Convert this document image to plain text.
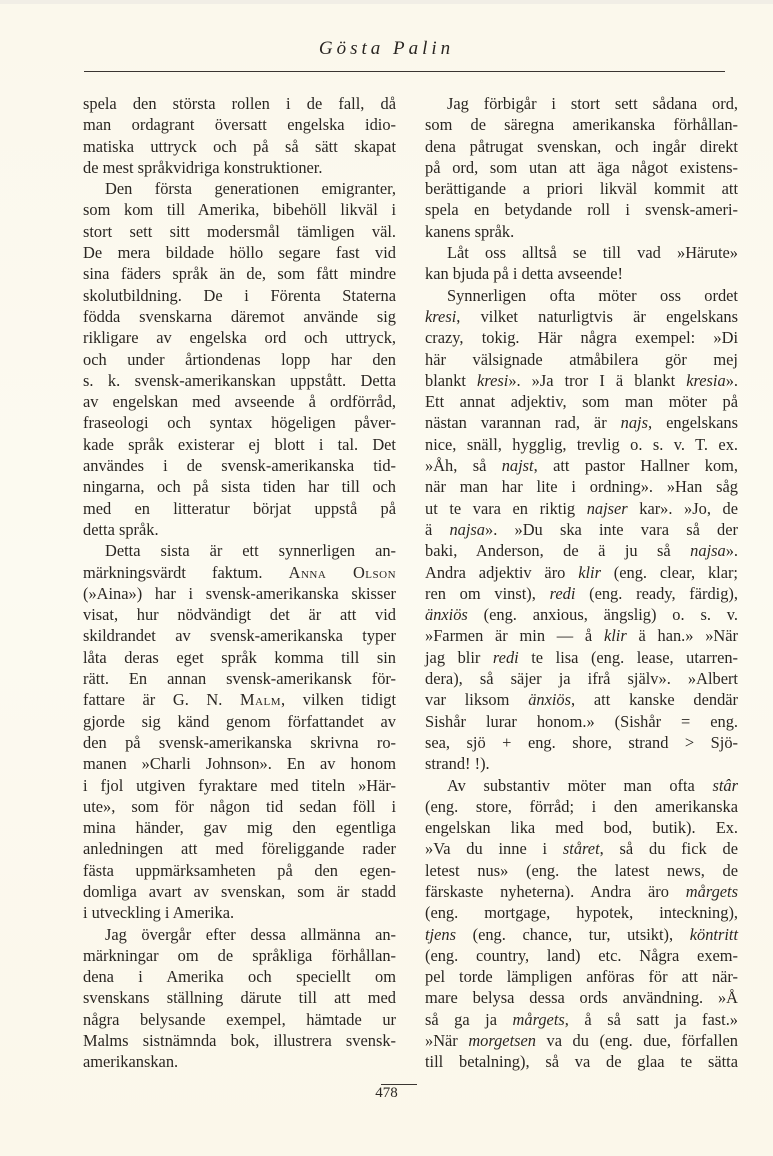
Gösta Palin
spela den största rollen i de fall, då
man ordagrant översatt engelska idio-
matiska uttryck och på så sätt skapat
de mest språkvidriga konstruktioner.
Den första generationen emigranter,
som kom till Amerika, bibehöll likväl i
stort sett sitt modersmål tämligen väl.
De mera bildade höllo segare fast vid
sina fäders språk än de, som fått mindre
skolutbildning. De i Förenta Staterna
födda svenskarna däremot använde sig
rikligare av engelska ord och uttryck,
och under årtiondenas lopp har den
s. k. svensk-amerikanskan uppstått. Detta
av engelskan med avseende å ordförråd,
fraseologi och syntax högeligen påver-
kade språk existerar ej blott i tal. Det
användes i de svensk-amerikanska tid-
ningarna, och på sista tiden har till och
med en litteratur börjat uppstå på
detta språk.
Detta sista är ett synnerligen an-
märkningsvärdt faktum. Anna Olson
(»Aina») har i svensk-amerikanska skisser
visat, hur nödvändigt det är att vid
skildrandet av svensk-amerikanska typer
låta deras eget språk komma till sin
rätt. En annan svensk-amerikansk för-
fattare är G. N. Malm, vilken tidigt
gjorde sig känd genom författandet av
den på svensk-amerikanska skrivna ro-
manen »Charli Johnson». En av honom
i fjol utgiven fyraktare med titeln »Här-
ute», som för någon tid sedan föll i
mina händer, gav mig den egentliga
anledningen att med föreliggande rader
fästa uppmärksamheten på den egen-
domliga avart av svenskan, som är stadd
i utveckling i Amerika.
Jag övergår efter dessa allmänna an-
märkningar om de språkliga förhållan-
dena i Amerika och speciellt om
svenskans ställning därute till att med
några belysande exempel, hämtade ur
Malms sistnämnda bok, illustrera svensk-
amerikanskan.
Jag förbigår i stort sett sådana ord,
som de säregna amerikanska förhållan-
dena påtrugat svenskan, och ingår direkt
på ord, som utan att äga något existens-
berättigande a priori likväl kommit att
spela en betydande roll i svensk-ameri-
kanens språk.
Låt oss alltså se till vad »Härute»
kan bjuda på i detta avseende!
Synnerligen ofta möter oss ordet
kresi, vilket naturligtvis är engelskans
crazy, tokig. Här några exempel: »Di
här välsignade atmåbilera gör mej
blankt kresi». »Ja tror I ä blankt kresia».
Ett annat adjektiv, som man möter på
nästan varannan rad, är najs, engelskans
nice, snäll, hygglig, trevlig o. s. v. T. ex.
»Åh, så najst, att pastor Hallner kom,
när man har lite i ordning». »Han såg
ut te vara en riktig najser kar». »Jo, de
ä najsa». »Du ska inte vara så der
baki, Anderson, de ä ju så najsa».
Andra adjektiv äro klir (eng. clear, klar;
ren om vinst), redi (eng. ready, färdig),
änxiös (eng. anxious, ängslig) o. s. v.
»Farmen är min — å klir ä han.» »När
jag blir redi te lisa (eng. lease, utarren-
dera), så säjer ja ifrå själv». »Albert
var liksom änxiös, att kanske dendär
Sishår lurar honom.» (Sishår = eng.
sea, sjö + eng. shore, strand > Sjö-
strand! !).
Av substantiv möter man ofta stâr
(eng. store, förråd; i den amerikanska
engelskan lika med bod, butik). Ex.
»Va du inne i ståret, så du fick de
letest nus» (eng. the latest news, de
färskaste nyheterna). Andra äro mårgets
(eng. mortgage, hypotek, inteckning),
tjens (eng. chance, tur, utsikt), köntritt
(eng. country, land) etc. Några exem-
pel torde lämpligen anföras för att när-
mare belysa dessa ords användning. »Å
så ga ja mårgets, å så satt ja fast.»
»När morgetsen va du (eng. due, förfallen
till betalning), så va de glaa te sätta
478
